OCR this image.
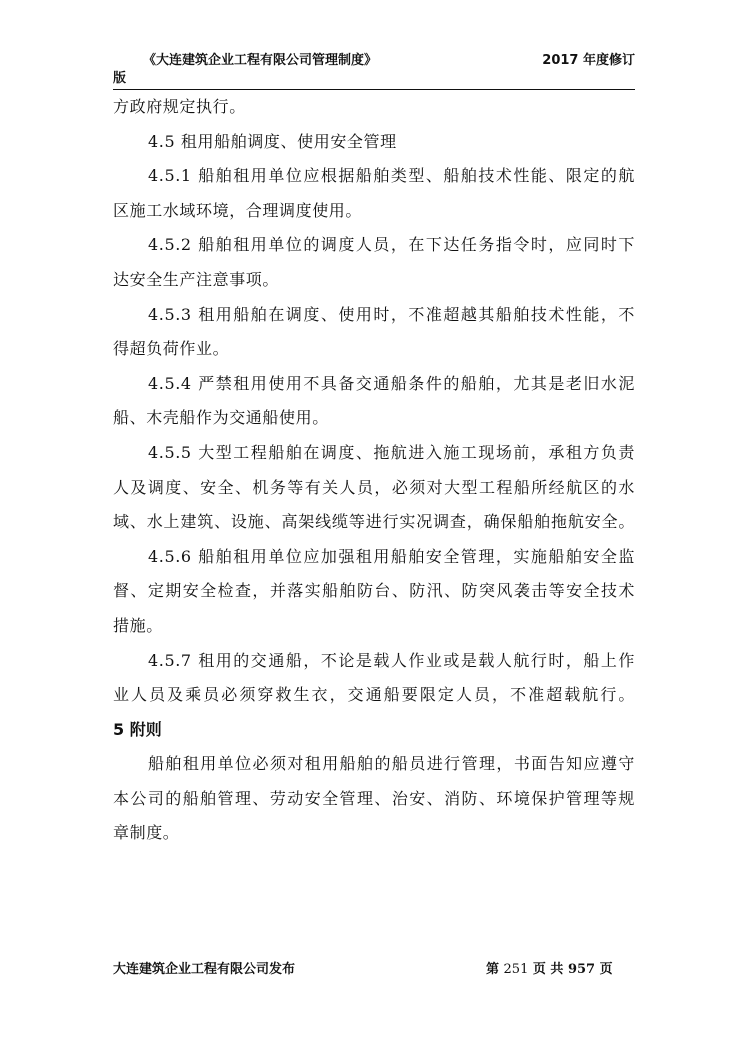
《大连建筑企业工程有限公司管理制度》	2017 年度修订
版
方政府规定执行。
4.5 租用船舶调度、使用安全管理
4.5.1 船舶租用单位应根据船舶类型、船舶技术性能、限定的航
区施工水域环境，合理调度使用。
4.5.2 船舶租用单位的调度人员，在下达任务指令时，应同时下
达安全生产注意事项。
4.5.3 租用船舶在调度、使用时，不准超越其船舶技术性能，不
得超负荷作业。
4.5.4 严禁租用使用不具备交通船条件的船舶，尤其是老旧水泥
船、木壳船作为交通船使用。
4.5.5 大型工程船舶在调度、拖航进入施工现场前，承租方负责
人及调度、安全、机务等有关人员，必须对大型工程船所经航区的水
域、水上建筑、设施、高架线缆等进行实况调查，确保船舶拖航安全。
4.5.6 船舶租用单位应加强租用船舶安全管理，实施船舶安全监
督、定期安全检查，并落实船舶防台、防汛、防突风袭击等安全技术
措施。
4.5.7 租用的交通船，不论是载人作业或是载人航行时，船上作
业人员及乘员必须穿救生衣，交通船要限定人员，不准超载航行。
5 附则
船舶租用单位必须对租用船舶的船员进行管理，书面告知应遵守
本公司的船舶管理、劳动安全管理、治安、消防、环境保护管理等规
章制度。
大连建筑企业工程有限公司发布	第 251 页 共 957 页
